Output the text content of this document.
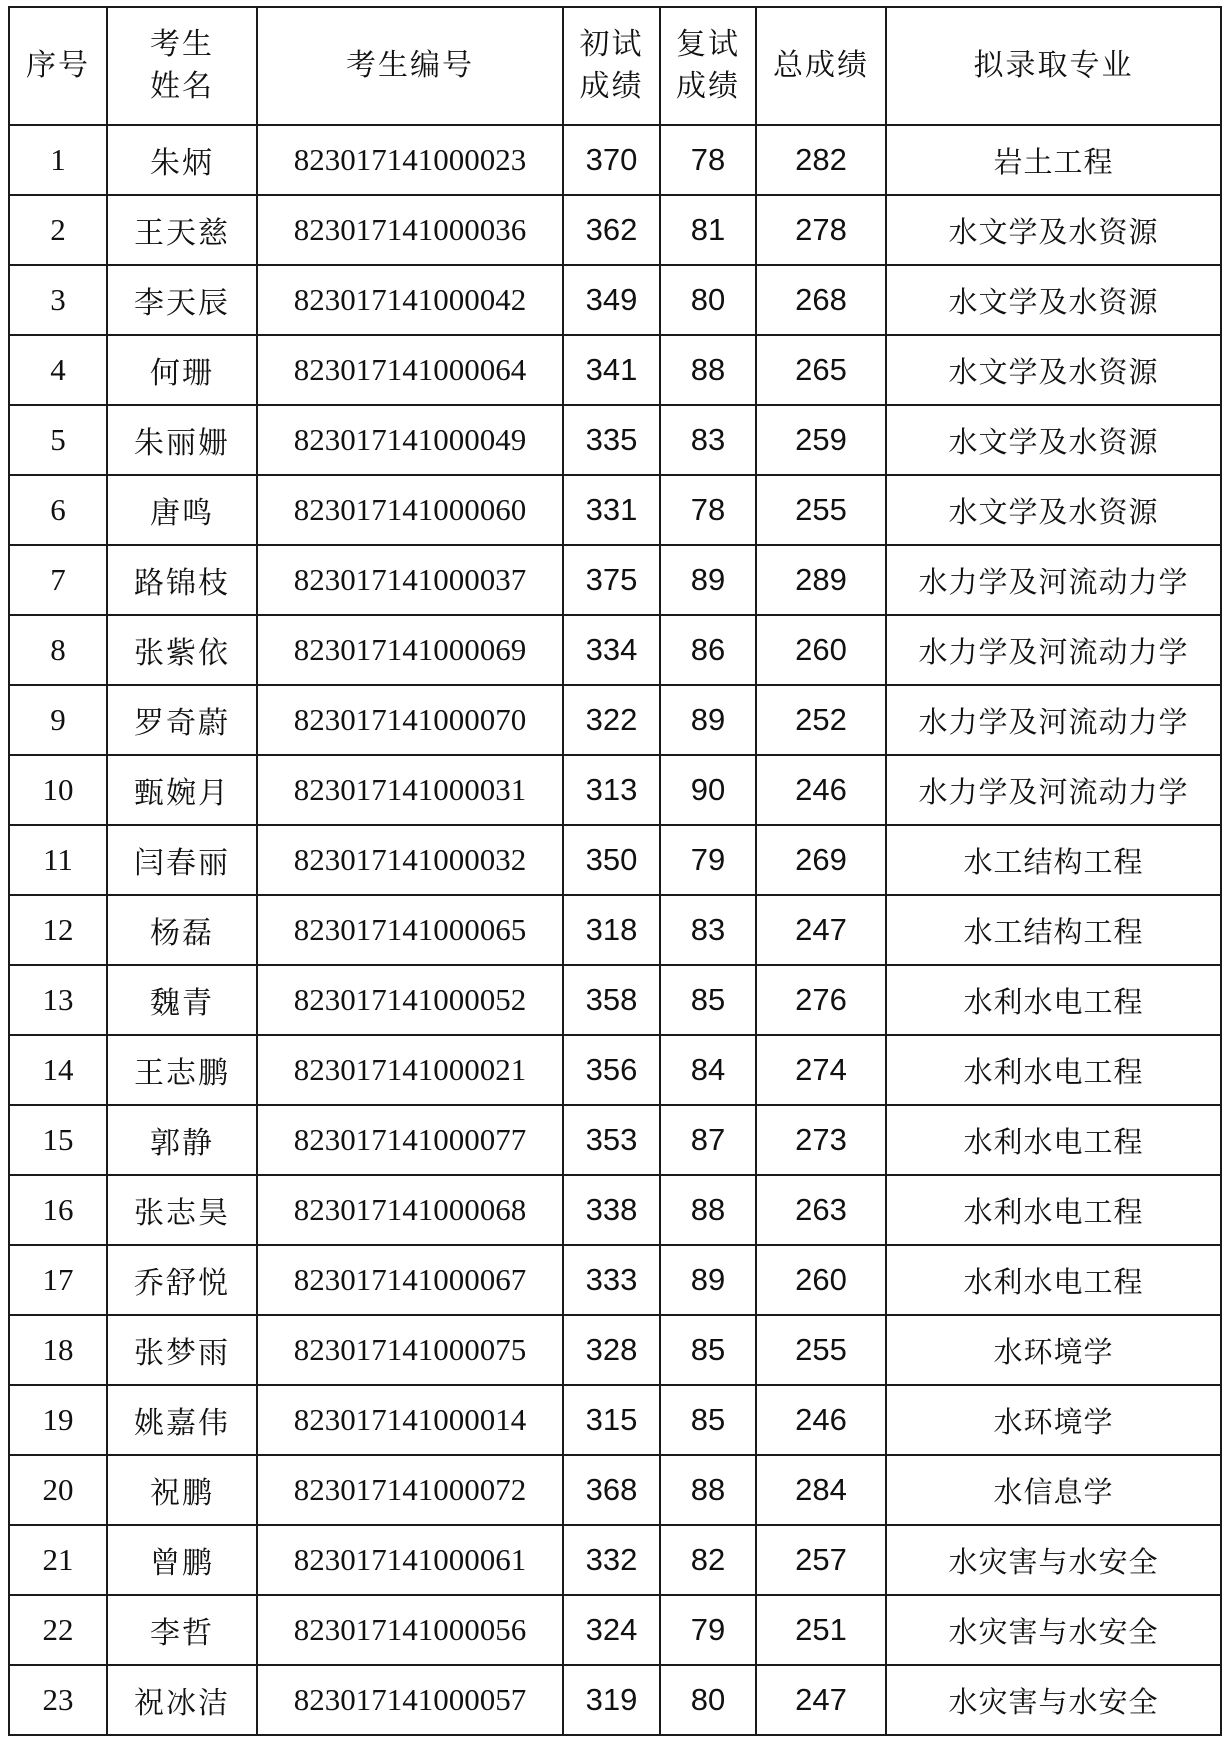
序号	考生姓名	考生编号	初试成绩	复试成绩	总成绩	拟录取专业
1	朱炳	823017141000023	370	78	282	岩土工程
2	王天慈	823017141000036	362	81	278	水文学及水资源
3	李天辰	823017141000042	349	80	268	水文学及水资源
4	何珊	823017141000064	341	88	265	水文学及水资源
5	朱丽姗	823017141000049	335	83	259	水文学及水资源
6	唐鸣	823017141000060	331	78	255	水文学及水资源
7	路锦枝	823017141000037	375	89	289	水力学及河流动力学
8	张紫依	823017141000069	334	86	260	水力学及河流动力学
9	罗奇蔚	823017141000070	322	89	252	水力学及河流动力学
10	甄婉月	823017141000031	313	90	246	水力学及河流动力学
11	闫春丽	823017141000032	350	79	269	水工结构工程
12	杨磊	823017141000065	318	83	247	水工结构工程
13	魏青	823017141000052	358	85	276	水利水电工程
14	王志鹏	823017141000021	356	84	274	水利水电工程
15	郭静	823017141000077	353	87	273	水利水电工程
16	张志昊	823017141000068	338	88	263	水利水电工程
17	乔舒悦	823017141000067	333	89	260	水利水电工程
18	张梦雨	823017141000075	328	85	255	水环境学
19	姚嘉伟	823017141000014	315	85	246	水环境学
20	祝鹏	823017141000072	368	88	284	水信息学
21	曾鹏	823017141000061	332	82	257	水灾害与水安全
22	李哲	823017141000056	324	79	251	水灾害与水安全
23	祝冰洁	823017141000057	319	80	247	水灾害与水安全
